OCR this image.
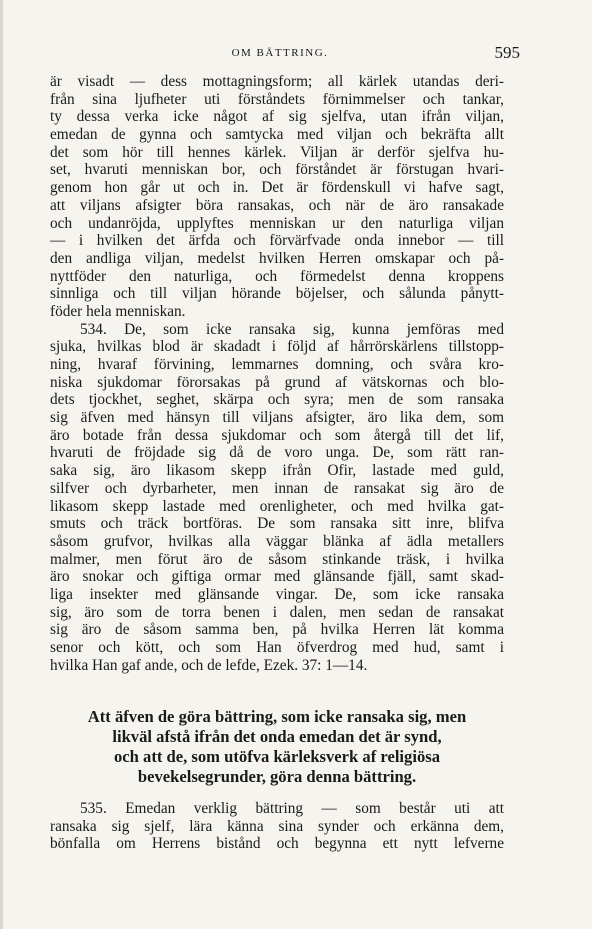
OM BÄTTRING.	595
är visadt — dess mottagningsform; all kärlek utandas deri-
från sina ljufheter uti förståndets förnimmelser och tankar,
ty dessa verka icke något af sig sjelfva, utan ifrån viljan,
emedan de gynna och samtycka med viljan och bekräfta allt
det som hör till hennes kärlek. Viljan är derför sjelfva hu-
set, hvaruti menniskan bor, och förståndet är förstugan hvari-
genom hon går ut och in. Det är fördenskull vi hafve sagt,
att viljans afsigter böra ransakas, och när de äro ransakade
och undanröjda, upplyftes menniskan ur den naturliga viljan
— i hvilken det ärfda och förvärfvade onda innebor — till
den andliga viljan, medelst hvilken Herren omskapar och på-
nyttföder den naturliga, och förmedelst denna kroppens
sinnliga och till viljan hörande böjelser, och sålunda pånytt-
föder hela menniskan.
534. De, som icke ransaka sig, kunna jemföras med
sjuka, hvilkas blod är skadadt i följd af hårrörskärlens tillstopp-
ning, hvaraf förvining, lemmarnes domning, och svåra kro-
niska sjukdomar förorsakas på grund af vätskornas och blo-
dets tjockhet, seghet, skärpa och syra; men de som ransaka
sig äfven med hänsyn till viljans afsigter, äro lika dem, som
äro botade från dessa sjukdomar och som återgå till det lif,
hvaruti de fröjdade sig då de voro unga. De, som rätt ran-
saka sig, äro likasom skepp ifrån Ofir, lastade med guld,
silfver och dyrbarheter, men innan de ransakat sig äro de
likasom skepp lastade med orenligheter, och med hvilka gat-
smuts och träck bortföras. De som ransaka sitt inre, blifva
såsom grufvor, hvilkas alla väggar blänka af ädla metallers
malmer, men förut äro de såsom stinkande träsk, i hvilka
äro snokar och giftiga ormar med glänsande fjäll, samt skad-
liga insekter med glänsande vingar. De, som icke ransaka
sig, äro som de torra benen i dalen, men sedan de ransakat
sig äro de såsom samma ben, på hvilka Herren lät komma
senor och kött, och som Han öfverdrog med hud, samt i
hvilka Han gaf ande, och de lefde, Ezek. 37: 1—14.
Att äfven de göra bättring, som icke ransaka sig, men
likväl afstå ifrån det onda emedan det är synd,
och att de, som utöfva kärleksverk af religiösa
bevekelsegrunder, göra denna bättring.
535. Emedan verklig bättring — som består uti att
ransaka sig sjelf, lära känna sina synder och erkänna dem,
bönfalla om Herrens bistånd och begynna ett nytt lefverne
